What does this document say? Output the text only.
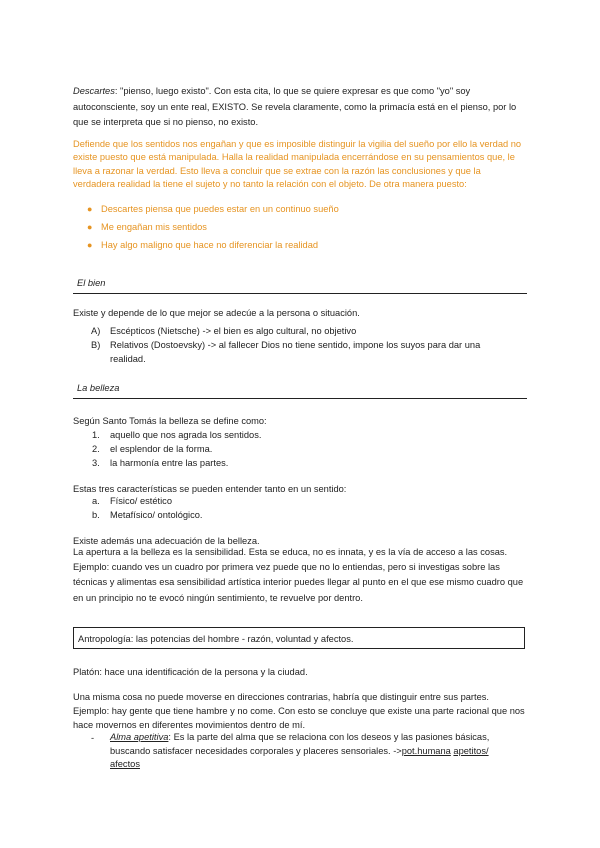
Descartes: "pienso, luego existo". Con esta cita, lo que se quiere expresar es que como "yo" soy autoconsciente, soy un ente real, EXISTO. Se revela claramente, como la primacía está en el pienso, por lo que se interpreta que si no pienso, no existo.

Defiende que los sentidos nos engañan y que es imposible distinguir la vigilia del sueño por ello la verdad no existe puesto que está manipulada. Halla la realidad manipulada encerrándose en su pensamientos que, le lleva a razonar la verdad. Esto lleva a concluir que se extrae con la razón las conclusiones y que la verdadera realidad la tiene el sujeto y no tanto la relación con el objeto. De otra manera puesto:

● Descartes piensa que puedes estar en un continuo sueño
● Me engañan mis sentidos
● Hay algo maligno que hace no diferenciar la realidad
El bien
Existe y depende de lo que mejor se adecúe a la persona o situación.
A) Escépticos (Nietsche) -> el bien es algo cultural, no objetivo
B) Relativos (Dostoevsky) -> al fallecer Dios no tiene sentido, impone los suyos para dar una realidad.
La belleza
Según Santo Tomás la belleza se define como:
1. aquello que nos agrada los sentidos.
2. el esplendor de la forma.
3. la harmonía entre las partes.
Estas tres características se pueden entender tanto en un sentido:
a. Físico/ estético
b. Metafísico/ ontológico.
Existe además una adecuación de la belleza.

La apertura a la belleza es la sensibilidad. Esta se educa, no es innata, y es la vía de acceso a las cosas. Ejemplo: cuando ves un cuadro por primera vez puede que no lo entiendas, pero si investigas sobre las técnicas y alimentas esa sensibilidad artística interior puedes llegar al punto en el que ese mismo cuadro que en un principio no te evocó ningún sentimiento, te revuelve por dentro.

Antropología: las potencias del hombre - razón, voluntad y afectos.
Platón: hace una identificación de la persona y la ciudad.

Una misma cosa no puede moverse en direcciones contrarias, habría que distinguir entre sus partes. Ejemplo: hay gente que tiene hambre y no come. Con esto se concluye que existe una parte racional que nos hace movernos en diferentes movimientos dentro de mí.

- Alma apetitiva: Es la parte del alma que se relaciona con los deseos y las pasiones básicas, buscando satisfacer necesidades corporales y placeres sensoriales. ->pot.humana apetitos/ afectos
